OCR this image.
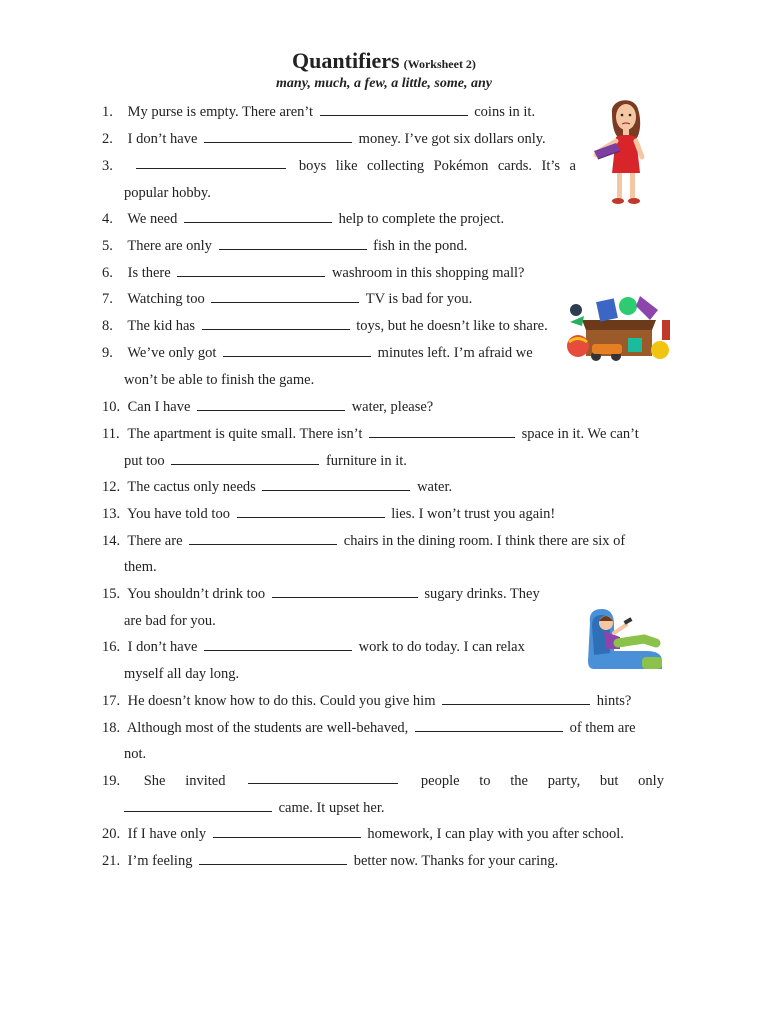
Quantifiers (Worksheet 2)
many, much, a few, a little, some, any
1. My purse is empty. There aren’t	coins in it.
2. I don’t have	money. I’ve got six dollars only.
3.	boys like collecting Pokémon cards. It’s a
popular hobby.
4. We need	help to complete the project.
5. There are only	fish in the pond.
6. Is there	washroom in this shopping mall?
7. Watching too	TV is bad for you.
8. The kid has	toys, but he doesn’t like to share.
9. We’ve only got	minutes left. I’m afraid we
won’t be able to finish the game.
10. Can I have	water, please?
11. The apartment is quite small. There isn’t	space in it. We can’t
put too	furniture in it.
12. The cactus only needs	water.
13. You have told too	lies. I won’t trust you again!
14. There are	chairs in the dining room. I think there are six of
them.
15. You shouldn’t drink too	sugary drinks. They
are bad for you.
16. I don’t have	work to do today. I can relax
myself all day long.
17. He doesn’t know how to do this. Could you give him	hints?
18. Although most of the students are well-behaved,	of them are
not.
19. She invited	people to the party, but only
came. It upset her.
20. If I have only	homework, I can play with you after school.
21. I’m feeling	better now. Thanks for your caring.
